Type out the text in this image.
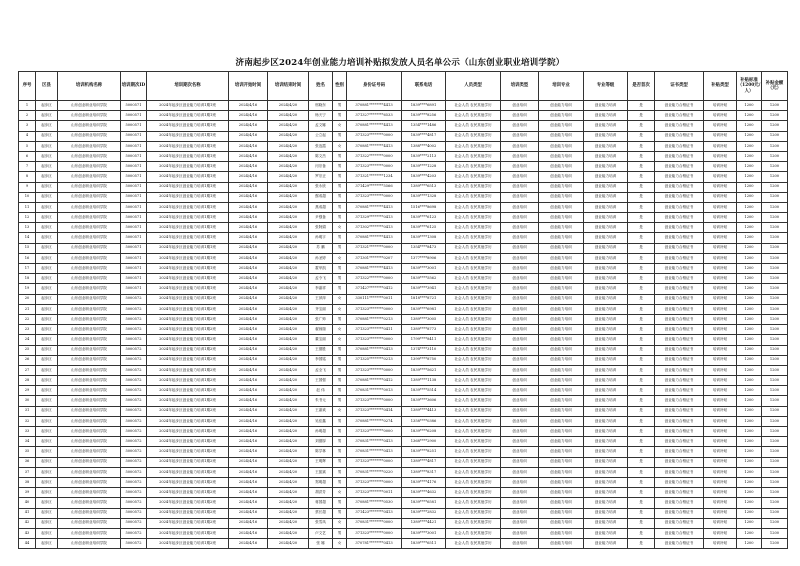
济南起步区2024年创业能力培训补贴拟发放人员名单公示（山东创业职业培训学院）
序号	区县	培训机构名称	培训期次ID	培训期次名称	培训开始时间	培训结束时间	姓名	性别	身份证号码	联系电话	人员类型	培训类型	培训专业	专业等级	是否首次	证书类型	补贴类型	补贴标准（1200元/人）	补贴金额（元）
1	起步区	山东创业职业培训学院	5000571	2024年起步区创业能力培训1期1班	2024/4/16	2024/4/20	邢晓东	男	370881********4413	1839****6891	社会人员 农民其他学历	创业培训	创业能力培训	创业能力培训	是	创业能力合格证书	培训补贴	1200	1200
2	起步区	山东创业职业培训学院	5000571	2024年起步区创业能力培训1期1班	2024/4/16	2024/4/20	杨天宁	男	371327********6533	1839****8256	社会人员 农民其他学历	创业培训	创业能力培训	创业能力培训	是	创业能力合格证书	培训补贴	1200	1200
3	起步区	山东创业职业培训学院	5000571	2024年起步区创业能力培训1期1班	2024/4/16	2024/4/20	孟文娜	女	370881********4413	1354****1486	社会人员 农民其他学历	创业培训	创业能力培训	创业能力培训	是	创业能力合格证书	培训补贴	1200	1200
4	起步区	山东创业职业培训学院	5000571	2024年起步区创业能力培训1期1班	2024/4/16	2024/4/20	公立起	男	371323********0000	1839****4817	社会人员 农民其他学历	创业培训	创业能力培训	创业能力培训	是	创业能力合格证书	培训补贴	1200	1200
5	起步区	山东创业职业培训学院	5000571	2024年起步区创业能力培训1期1班	2024/4/16	2024/4/20	张连霞	女	370881********4413	1388****4002	社会人员 农民其他学历	创业培训	创业能力培训	创业能力培训	是	创业能力合格证书	培训补贴	1200	1200
6	起步区	山东创业职业培训学院	5000571	2024年起步区创业能力培训1期1班	2024/4/16	2024/4/20	陈文杰	男	371322********0000	1839****2113	社会人员 农民其他学历	创业培训	创业能力培训	创业能力培训	是	创业能力合格证书	培训补贴	1200	1200
7	起步区	山东创业职业培训学院	5000571	2024年起步区创业能力培训1期1班	2024/4/16	2024/4/20	闫宗备	男	371323********0000	1839****1228	社会人员 农民其他学历	创业培训	创业能力培训	创业能力培训	是	创业能力合格证书	培训补贴	1200	1200
8	起步区	山东创业职业培训学院	5000571	2024年起步区创业能力培训1期1班	2024/4/16	2024/4/20	罗宗正	男	371321********1234	1839****4203	社会人员 农民其他学历	创业培训	创业能力培训	创业能力培训	是	创业能力合格证书	培训补贴	1200	1200
9	起步区	山东创业职业培训学院	5000571	2024年起步区创业能力培训1期1班	2024/4/16	2024/4/20	张永欣	男	371429********5566	1389****6513	社会人员 农民其他学历	创业培训	创业能力培训	创业能力培训	是	创业能力合格证书	培训补贴	1200	1200
10	起步区	山东创业职业培训学院	5000571	2024年起步区创业能力培训1期1班	2024/4/16	2024/4/20	鄢成超	男	371323********0000	1839****1328	社会人员 农民其他学历	创业培训	创业能力培训	创业能力培训	是	创业能力合格证书	培训补贴	1200	1200
11	起步区	山东创业职业培训学院	5000571	2024年起步区创业能力培训1期1班	2024/4/16	2024/4/20	燕成超	男	370881********4413	1516****8698	社会人员 农民其他学历	创业培训	创业能力培训	创业能力培训	是	创业能力合格证书	培训补贴	1200	1200
12	起步区	山东创业职业培训学院	5000571	2024年起步区创业能力培训1期1班	2024/4/16	2024/4/20	尹强备	男	371329********0413	1839****6123	社会人员 农民其他学历	创业培训	创业能力培训	创业能力培训	是	创业能力合格证书	培训补贴	1200	1200
13	起步区	山东创业职业培训学院	5000571	2024年起步区创业能力培训1期1班	2024/4/16	2024/4/20	张阿娟	女	371302********0413	1839****6125	社会人员 农民其他学历	创业培训	创业能力培训	创业能力培训	是	创业能力合格证书	培训补贴	1200	1200
14	起步区	山东创业职业培训学院	5000571	2024年起步区创业能力培训1期1班	2024/4/16	2024/4/20	孙明宇	男	370881********4413	1839****1308	社会人员 农民其他学历	创业培训	创业能力培训	创业能力培训	是	创业能力合格证书	培训补贴	1200	1200
15	起步区	山东创业职业培训学院	5000571	2024年起步区创业能力培训1期1班	2024/4/16	2024/4/20	苏 鹏	男	371321********0000	1354****8473	社会人员 农民其他学历	创业培训	创业能力培训	创业能力培训	是	创业能力合格证书	培训补贴	1200	1200
16	起步区	山东创业职业培训学院	5000571	2024年起步区创业能力培训1期1班	2024/4/16	2024/4/20	孙圣婷	女	371301********0207	1377****8906	社会人员 农民其他学历	创业培训	创业能力培训	创业能力培训	是	创业能力合格证书	培训补贴	1200	1200
17	起步区	山东创业职业培训学院	5000571	2024年起步区创业能力培训1期1班	2024/4/16	2024/4/20	霍甲凯	男	370881********4413	1839****3001	社会人员 农民其他学历	创业培训	创业能力培训	创业能力培训	是	创业能力合格证书	培训补贴	1200	1200
18	起步区	山东创业职业培训学院	5000571	2024年起步区创业能力培训1期1班	2024/4/16	2024/4/20	孟令飞	男	371322********0000	1839****5562	社会人员 农民其他学历	创业培训	创业能力培训	创业能力培训	是	创业能力合格证书	培训补贴	1200	1200
19	起步区	山东创业职业培训学院	5000571	2024年起步区创业能力培训1期1班	2024/4/16	2024/4/20	李嘉祥	男	371427********0412	1839****3941	社会人员 农民其他学历	创业培训	创业能力培训	创业能力培训	是	创业能力合格证书	培训补贴	1200	1200
20	起步区	山东创业职业培训学院	5000572	2024年起步区创业能力培训1期2班	2024/4/16	2024/4/20	王萍萍	女	330111********0011	1818****8721	社会人员 农民其他学历	创业培训	创业能力培训	创业能力培训	是	创业能力合格证书	培训补贴	1200	1200
21	起步区	山东创业职业培训学院	5000572	2024年起步区创业能力培训1期2班	2024/4/16	2024/4/20	齐宝丽	女	371323********0000	1839****6981	社会人员 农民其他学历	创业培训	创业能力培训	创业能力培训	是	创业能力合格证书	培训补贴	1200	1200
22	起步区	山东创业职业培训学院	5000572	2024年起步区创业能力培训1期2班	2024/4/16	2024/4/20	张广帅	男	370881********0213	1389****3005	社会人员 农民其他学历	创业培训	创业能力培训	创业能力培训	是	创业能力合格证书	培训补贴	1200	1200
23	起步区	山东创业职业培训学院	5000572	2024年起步区创业能力培训1期2班	2024/4/16	2024/4/20	翟琼瑞	女	371323********0411	1389****8773	社会人员 农民其他学历	创业培训	创业能力培训	创业能力培训	是	创业能力合格证书	培训补贴	1200	1200
24	起步区	山东创业职业培训学院	5000572	2024年起步区创业能力培训1期2班	2024/4/16	2024/4/20	董宝丽	女	371323********0000	1799****8411	社会人员 农民其他学历	创业培训	创业能力培训	创业能力培训	是	创业能力合格证书	培训补贴	1200	1200
25	起步区	山东创业职业培训学院	5000572	2024年起步区创业能力培训1期2班	2024/4/16	2024/4/20	王德胜	男	370881********0413	1374****3110	社会人员 农民其他学历	创业培训	创业能力培训	创业能力培训	是	创业能力合格证书	培训补贴	1200	1200
26	起步区	山东创业职业培训学院	5000572	2024年起步区创业能力培训1期2班	2024/4/16	2024/4/20	李国铭	男	371325********0213	1399****8750	社会人员 农民其他学历	创业培训	创业能力培训	创业能力培训	是	创业能力合格证书	培训补贴	1200	1200
27	起步区	山东创业职业培训学院	5000572	2024年起步区创业能力培训1期2班	2024/4/16	2024/4/20	孟全飞	男	371323********0000	1839****5621	社会人员 农民其他学历	创业培训	创业能力培训	创业能力培训	是	创业能力合格证书	培训补贴	1200	1200
28	起步区	山东创业职业培训学院	5000572	2024年起步区创业能力培训1期2班	2024/4/16	2024/4/20	王国强	男	370881********0412	1389****1138	社会人员 农民其他学历	创业培训	创业能力培训	创业能力培训	是	创业能力合格证书	培训补贴	1200	1200
29	起步区	山东创业职业培训学院	5000572	2024年起步区创业能力培训1期2班	2024/4/16	2024/4/20	赵 伟	男	370831********0013	1839****5514	社会人员 农民其他学历	创业培训	创业能力培训	创业能力培训	是	创业能力合格证书	培训补贴	1200	1200
30	起步区	山东创业职业培训学院	5000572	2024年起步区创业能力培训1期2班	2024/4/16	2024/4/20	朱书元	男	371323********0000	1839****3606	社会人员 农民其他学历	创业培训	创业能力培训	创业能力培训	是	创业能力合格证书	培训补贴	1200	1200
31	起步区	山东创业职业培训学院	5000572	2024年起步区创业能力培训1期2班	2024/4/16	2024/4/20	王嘉欢	女	371323********0414	1389****4413	社会人员 农民其他学历	创业培训	创业能力培训	创业能力培训	是	创业能力合格证书	培训补贴	1200	1200
32	起步区	山东创业职业培训学院	5000572	2024年起步区创业能力培训1期2班	2024/4/16	2024/4/20	吴佳鑫	男	370881********0274	1358****0386	社会人员 农民其他学历	创业培训	创业能力培训	创业能力培训	是	创业能力合格证书	培训补贴	1200	1200
33	起步区	山东创业职业培训学院	5000572	2024年起步区创业能力培训1期2班	2024/4/16	2024/4/20	孙明超	男	371323********0000	1839****6208	社会人员 农民其他学历	创业培训	创业能力培训	创业能力培训	是	创业能力合格证书	培训补贴	1200	1200
34	起步区	山东创业职业培训学院	5000572	2024年起步区创业能力培训1期2班	2024/4/16	2024/4/20	刘德厚	男	370831********0413	1368****2900	社会人员 农民其他学历	创业培训	创业能力培训	创业能力培训	是	创业能力合格证书	培训补贴	1200	1200
35	起步区	山东创业职业培训学院	5000572	2024年起步区创业能力培训1期2班	2024/4/16	2024/4/20	陈学林	男	370831********0413	1839****8251	社会人员 农民其他学历	创业培训	创业能力培训	创业能力培训	是	创业能力合格证书	培训补贴	1200	1200
36	起步区	山东创业职业培训学院	5000572	2024年起步区创业能力培训1期2班	2024/4/16	2024/4/20	王明辉	男	371323********0000	1389****4817	社会人员 农民其他学历	创业培训	创业能力培训	创业能力培训	是	创业能力合格证书	培训补贴	1200	1200
37	起步区	山东创业职业培训学院	5000572	2024年起步区创业能力培训1期2班	2024/4/16	2024/4/20	王振斌	男	370831********0220	1389****8317	社会人员 农民其他学历	创业培训	创业能力培训	创业能力培训	是	创业能力合格证书	培训补贴	1200	1200
38	起步区	山东创业职业培训学院	5000572	2024年起步区创业能力培训1期2班	2024/4/16	2024/4/20	郑明超	男	371323********0000	1839****4176	社会人员 农民其他学历	创业培训	创业能力培训	创业能力培训	是	创业能力合格证书	培训补贴	1200	1200
39	起步区	山东创业职业培训学院	5000572	2024年起步区创业能力培训1期2班	2024/4/16	2024/4/20	胡洪芳	女	371323********0011	1839****4632	社会人员 农民其他学历	创业培训	创业能力培训	创业能力培训	是	创业能力合格证书	培训补贴	1200	1200
40	起步区	山东创业职业培训学院	5000572	2024年起步区创业能力培训1期2班	2024/4/16	2024/4/20	蒋国超	男	370881********0530	1839****6581	社会人员 农民其他学历	创业培训	创业能力培训	创业能力培训	是	创业能力合格证书	培训补贴	1200	1200
41	起步区	山东创业职业培训学院	5000572	2024年起步区创业能力培训1期2班	2024/4/16	2024/4/20	蔡长超	男	371423********0413	1839****2832	社会人员 农民其他学历	创业培训	创业能力培训	创业能力培训	是	创业能力合格证书	培训补贴	1200	1200
42	起步区	山东创业职业培训学院	5000572	2024年起步区创业能力培训1期2班	2024/4/16	2024/4/20	张雪凤	女	370831********0000	1389****4421	社会人员 农民其他学历	创业培训	创业能力培训	创业能力培训	是	创业能力合格证书	培训补贴	1200	1200
43	起步区	山东创业职业培训学院	5000572	2024年起步区创业能力培训1期2班	2024/4/16	2024/4/20	卢文艺	男	371323********0000	1839****3001	社会人员 农民其他学历	创业培训	创业能力培训	创业能力培训	是	创业能力合格证书	培训补贴	1200	1200
44	起步区	山东创业职业培训学院	5000572	2024年起步区创业能力培训1期2班	2024/4/16	2024/4/20	张 娜	女	370781********0413	1839****6511	社会人员 农民其他学历	创业培训	创业能力培训	创业能力培训	是	创业能力合格证书	培训补贴	1200	1200
